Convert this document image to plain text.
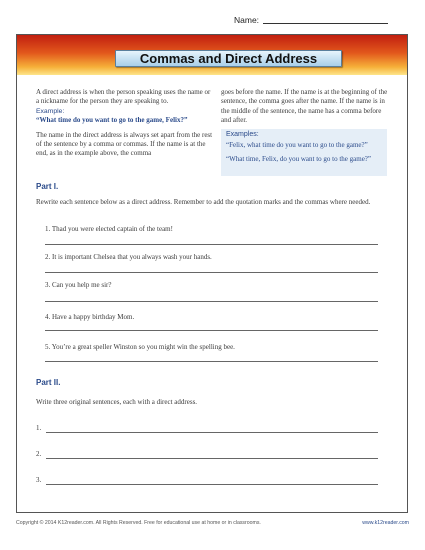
Name:
Commas and Direct Address

A direct address is when the person speaking uses the name or a nickname for the person they are speaking to.

Example:

“What time do you want to go to the game, Felix?”

The name in the direct address is always set apart from the rest of the sentence by a comma or commas. If the name is at the end, as in the example above, the comma

goes before the name. If the name is at the beginning of the sentence, the comma goes after the name. If the name is in the middle of the sentence, the name has a comma before and after.

Examples:
“Felix, what time do you want to go to the game?”
“What time, Felix, do you want to go to the game?”
Part I.
Rewrite each sentence below as a direct address. Remember to add the quotation marks and the commas where needed.
1. Thad you were elected captain of the team!
2. It is important Chelsea that you always wash your hands.
3. Can you help me sir?
4. Have a happy birthday Mom.
5. You’re a great speller Winston so you might win the spelling bee.
Part II.
Write three original sentences, each with a direct address.
1.
2.
3.
Copyright © 2014 K12reader.com. All Rights Reserved. Free for educational use at home or in classrooms.	www.k12reader.com
